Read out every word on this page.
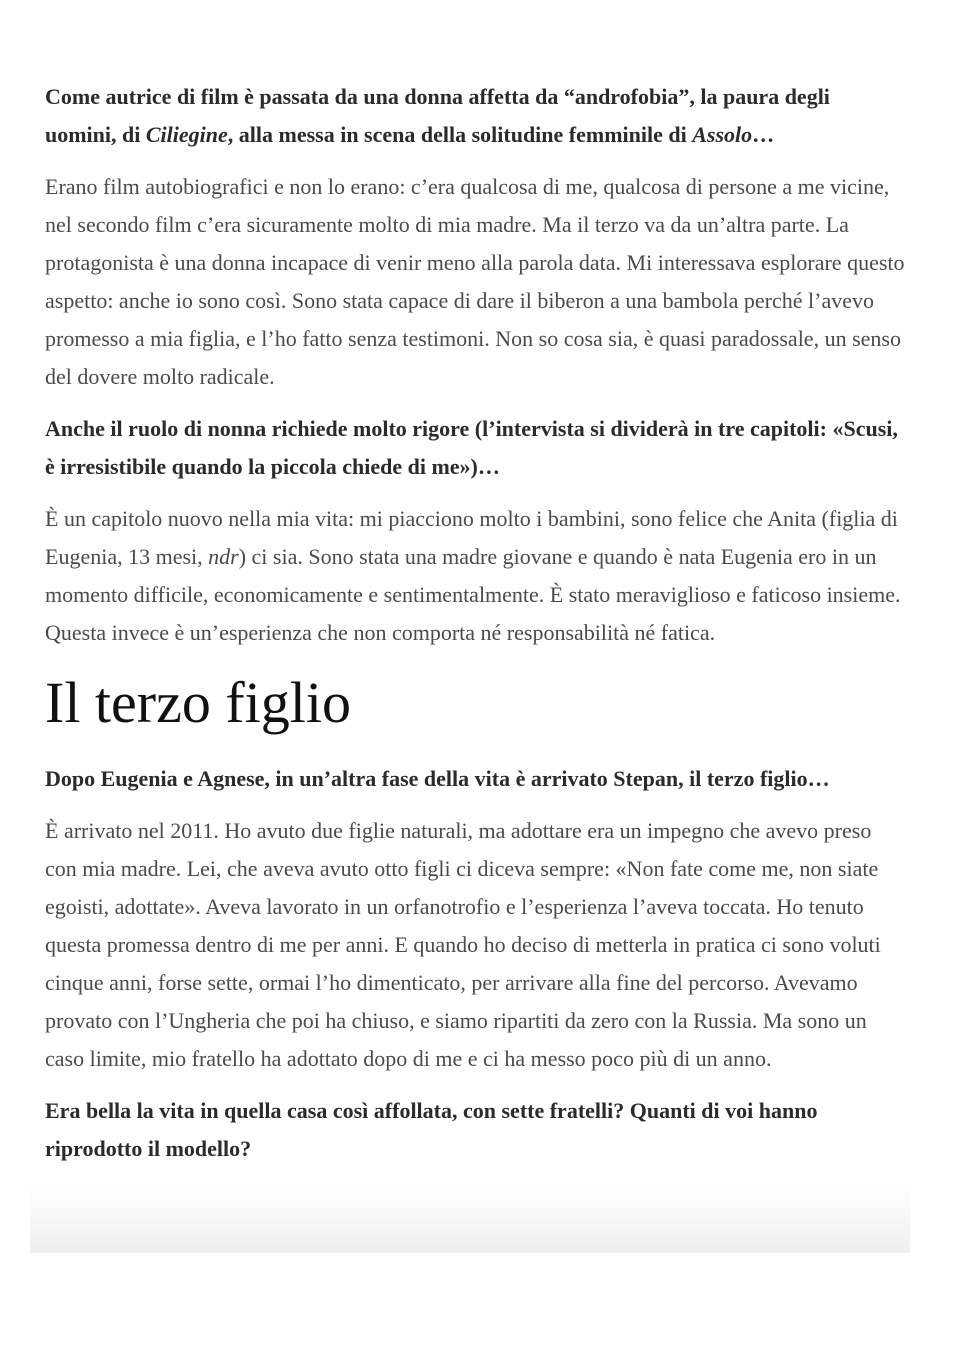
Come autrice di film è passata da una donna affetta da “androfobia”, la paura degli uomini, di Ciliegine, alla messa in scena della solitudine femminile di Assolo…

Erano film autobiografici e non lo erano: c’era qualcosa di me, qualcosa di persone a me vicine, nel secondo film c’era sicuramente molto di mia madre. Ma il terzo va da un’altra parte. La protagonista è una donna incapace di venir meno alla parola data. Mi interessava esplorare questo aspetto: anche io sono così. Sono stata capace di dare il biberon a una bambola perché l’avevo promesso a mia figlia, e l’ho fatto senza testimoni. Non so cosa sia, è quasi paradossale, un senso del dovere molto radicale.

Anche il ruolo di nonna richiede molto rigore (l’intervista si dividerà in tre capitoli: «Scusi, è irresistibile quando la piccola chiede di me»)…

È un capitolo nuovo nella mia vita: mi piacciono molto i bambini, sono felice che Anita (figlia di Eugenia, 13 mesi, ndr) ci sia. Sono stata una madre giovane e quando è nata Eugenia ero in un momento difficile, economicamente e sentimentalmente. È stato meraviglioso e faticoso insieme. Questa invece è un’esperienza che non comporta né responsabilità né fatica.

Il terzo figlio

Dopo Eugenia e Agnese, in un’altra fase della vita è arrivato Stepan, il terzo figlio…

È arrivato nel 2011. Ho avuto due figlie naturali, ma adottare era un impegno che avevo preso con mia madre. Lei, che aveva avuto otto figli ci diceva sempre: «Non fate come me, non siate egoisti, adottate». Aveva lavorato in un orfanotrofio e l’esperienza l’aveva toccata. Ho tenuto questa promessa dentro di me per anni. E quando ho deciso di metterla in pratica ci sono voluti cinque anni, forse sette, ormai l’ho dimenticato, per arrivare alla fine del percorso. Avevamo provato con l’Ungheria che poi ha chiuso, e siamo ripartiti da zero con la Russia. Ma sono un caso limite, mio fratello ha adottato dopo di me e ci ha messo poco più di un anno.

Era bella la vita in quella casa così affollata, con sette fratelli? Quanti di voi hanno riprodotto il modello?
